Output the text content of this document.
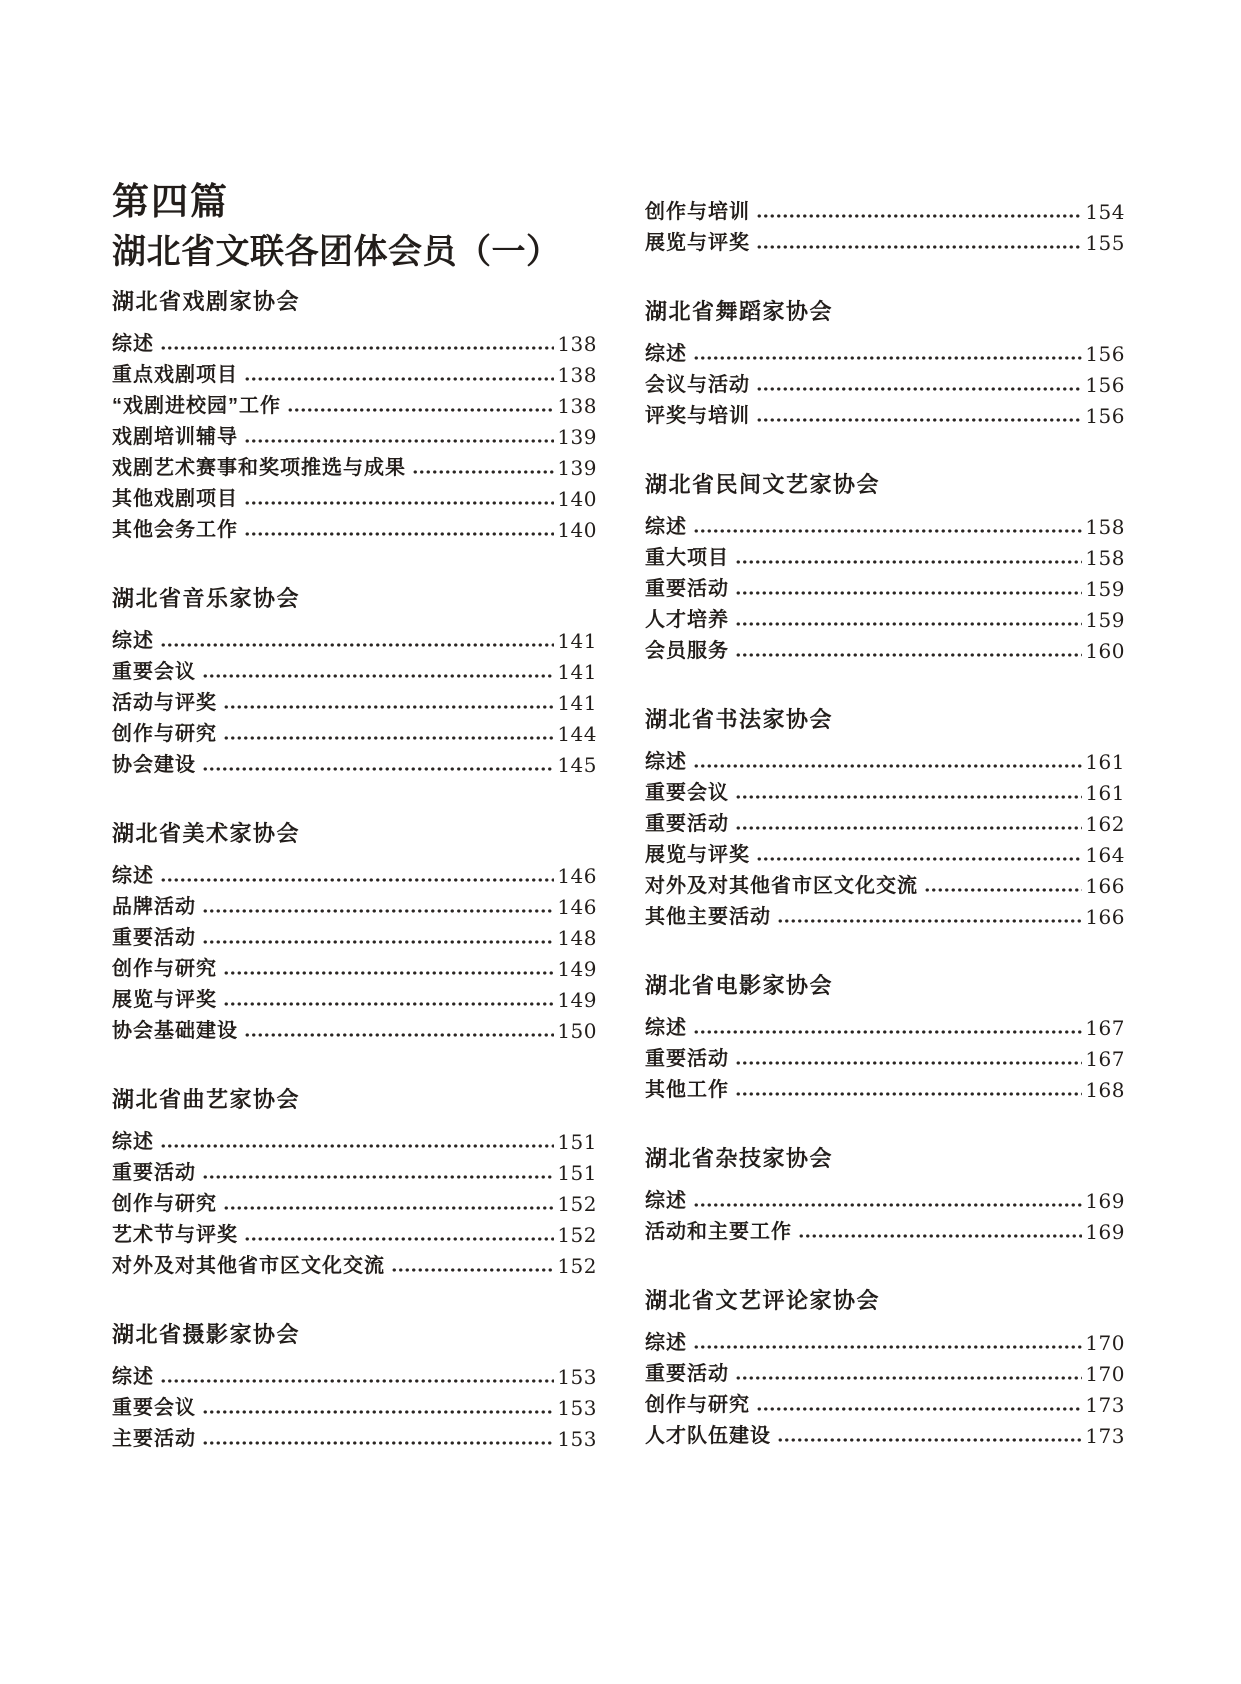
第四篇
湖北省文联各团体会员（一）
湖北省戏剧家协会
综述	138
重点戏剧项目	138
“戏剧进校园”工作	138
戏剧培训辅导	139
戏剧艺术赛事和奖项推选与成果	139
其他戏剧项目	140
其他会务工作	140
湖北省音乐家协会
综述	141
重要会议	141
活动与评奖	141
创作与研究	144
协会建设	145
湖北省美术家协会
综述	146
品牌活动	146
重要活动	148
创作与研究	149
展览与评奖	149
协会基础建设	150
湖北省曲艺家协会
综述	151
重要活动	151
创作与研究	152
艺术节与评奖	152
对外及对其他省市区文化交流	152
湖北省摄影家协会
综述	153
重要会议	153
主要活动	153
创作与培训	154
展览与评奖	155
湖北省舞蹈家协会
综述	156
会议与活动	156
评奖与培训	156
湖北省民间文艺家协会
综述	158
重大项目	158
重要活动	159
人才培养	159
会员服务	160
湖北省书法家协会
综述	161
重要会议	161
重要活动	162
展览与评奖	164
对外及对其他省市区文化交流	166
其他主要活动	166
湖北省电影家协会
综述	167
重要活动	167
其他工作	168
湖北省杂技家协会
综述	169
活动和主要工作	169
湖北省文艺评论家协会
综述	170
重要活动	170
创作与研究	173
人才队伍建设	173
